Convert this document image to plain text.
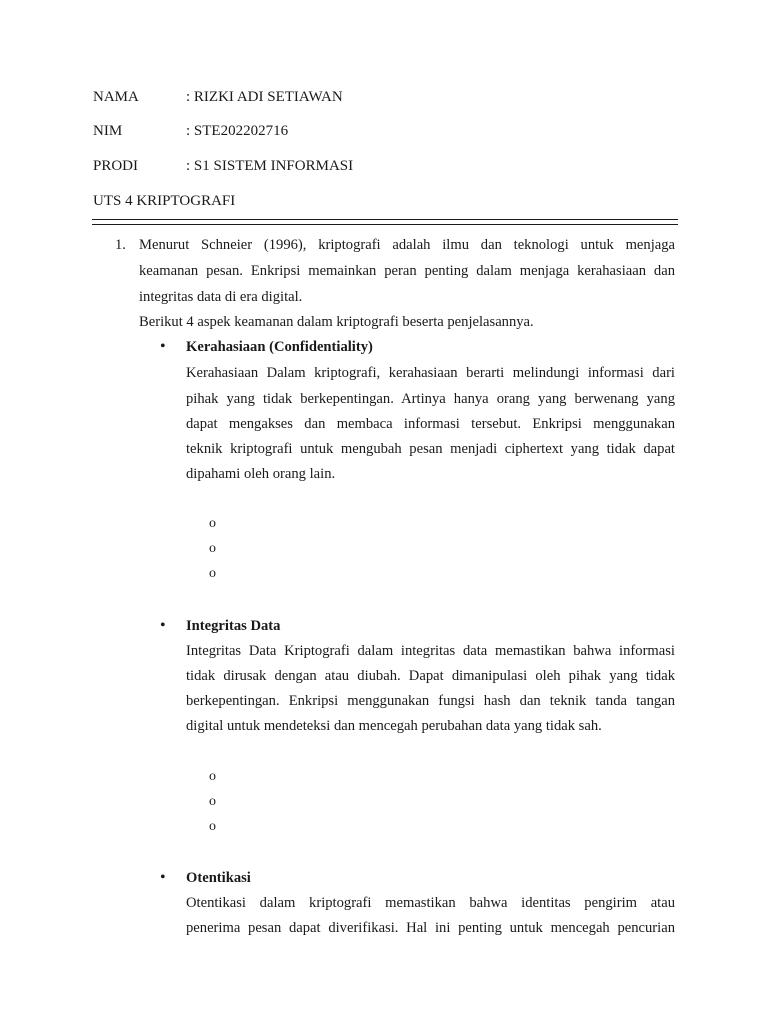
NAMA	: RIZKI ADI SETIAWAN
NIM	: STE202202716
PRODI	: S1 SISTEM INFORMASI
UTS 4 KRIPTOGRAFI
1. Menurut Schneier (1996), kriptografi adalah ilmu dan teknologi untuk menjaga
keamanan pesan. Enkripsi memainkan peran penting dalam menjaga kerahasiaan dan
integritas data di era digital.
Berikut 4 aspek keamanan dalam kriptografi beserta penjelasannya.
• Kerahasiaan (Confidentiality)
Kerahasiaan Dalam kriptografi, kerahasiaan berarti melindungi informasi dari
pihak yang tidak berkepentingan. Artinya hanya orang yang berwenang yang
dapat mengakses dan membaca informasi tersebut. Enkripsi menggunakan
teknik kriptografi untuk mengubah pesan menjadi ciphertext yang tidak dapat
dipahami oleh orang lain.
o
o
o
• Integritas Data
Integritas Data Kriptografi dalam integritas data memastikan bahwa informasi
tidak dirusak dengan atau diubah. Dapat dimanipulasi oleh pihak yang tidak
berkepentingan. Enkripsi menggunakan fungsi hash dan teknik tanda tangan
digital untuk mendeteksi dan mencegah perubahan data yang tidak sah.
o
o
o
• Otentikasi
Otentikasi dalam kriptografi memastikan bahwa identitas pengirim atau
penerima pesan dapat diverifikasi. Hal ini penting untuk mencegah pencurian
